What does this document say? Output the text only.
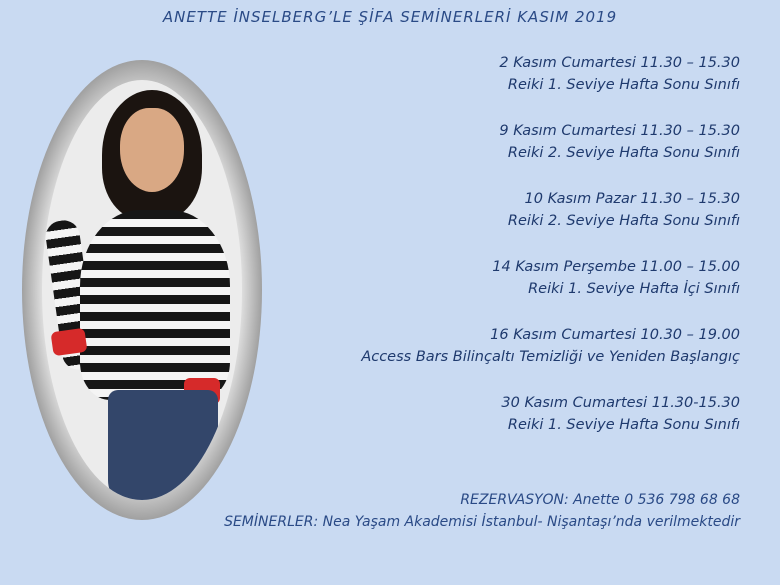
ANETTE İNSELBERG’LE ŞİFA SEMİNERLERİ KASIM 2019
2 Kasım Cumartesi 11.30 – 15.30
Reiki 1. Seviye Hafta Sonu Sınıfı
9 Kasım Cumartesi 11.30 – 15.30
Reiki 2. Seviye Hafta Sonu Sınıfı
10 Kasım Pazar 11.30 – 15.30
Reiki 2. Seviye Hafta Sonu Sınıfı
14 Kasım Perşembe 11.00 – 15.00
Reiki 1. Seviye Hafta İçi Sınıfı
16 Kasım Cumartesi 10.30 – 19.00
Access Bars Bilinçaltı Temizliği ve Yeniden Başlangıç
30 Kasım Cumartesi 11.30-15.30
Reiki 1. Seviye Hafta Sonu Sınıfı
REZERVASYON: Anette 0 536 798 68 68
SEMİNERLER: Nea Yaşam Akademisi İstanbul- Nişantaşı’nda verilmektedir
